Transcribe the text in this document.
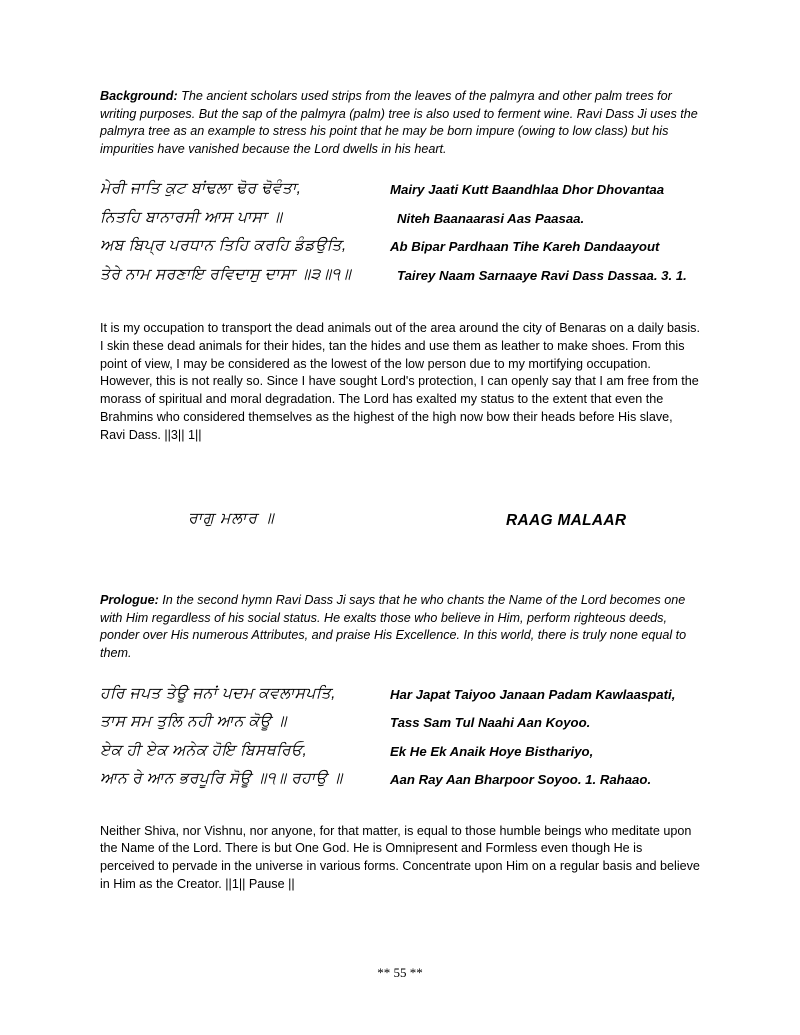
Background: The ancient scholars used strips from the leaves of the palmyra and other palm trees for writing purposes. But the sap of the palmyra (palm) tree is also used to ferment wine. Ravi Dass Ji uses the palmyra tree as an example to stress his point that he may be born impure (owing to low class) but his impurities have vanished because the Lord dwells in his heart.

ਮੇਰੀ ਜਾਤਿ ਕੁਟ ਬਾਂਢਲਾ ਢੋਰ ਢੋਵੰਤਾ,	Mairy Jaati Kutt Baandhlaa Dhor Dhovantaa
ਨਿਤਹਿ ਬਾਨਾਰਸੀ ਆਸ ਪਾਸਾ ॥	Niteh Baanaarasi Aas Paasaa.
ਅਬ ਬਿਪ੍ਰ ਪਰਧਾਨ ਤਿਹਿ ਕਰਹਿ ਡੰਡਉਤਿ,	Ab Bipar Pardhaan Tihe Kareh Dandaayout
ਤੇਰੇ ਨਾਮ ਸਰਣਾਇ ਰਵਿਦਾਸੁ ਦਾਸਾ ॥੩॥੧॥	Tairey Naam Sarnaaye Ravi Dass Dassaa. 3. 1.

It is my occupation to transport the dead animals out of the area around the city of Benaras on a daily basis. I skin these dead animals for their hides, tan the hides and use them as leather to make shoes. From this point of view, I may be considered as the lowest of the low person due to my mortifying occupation. However, this is not really so. Since I have sought Lord's protection, I can openly say that I am free from the morass of spiritual and moral degradation. The Lord has exalted my status to the extent that even the Brahmins who considered themselves as the highest of the high now bow their heads before His slave, Ravi Dass. ||3|| 1||

ਰਾਗੁ ਮਲਾਰ ॥	RAAG MALAAR

Prologue: In the second hymn Ravi Dass Ji says that he who chants the Name of the Lord becomes one with Him regardless of his social status. He exalts those who believe in Him, perform righteous deeds, ponder over His numerous Attributes, and praise His Excellence. In this world, there is truly none equal to them.

ਹਰਿ ਜਪਤ ਤੇਊ ਜਨਾਂ ਪਦਮ ਕਵਲਾਸਪਤਿ,	Har Japat Taiyoo Janaan Padam Kawlaaspati,
ਤਾਸ ਸਮ ਤੁਲਿ ਨਹੀ ਆਨ ਕੋਊ ॥	Tass Sam Tul Naahi Aan Koyoo.
ਏਕ ਹੀ ਏਕ ਅਨੇਕ ਹੋਇ ਬਿਸਥਰਿਓ,	Ek He Ek Anaik Hoye Bisthariyo,
ਆਨ ਰੇ ਆਨ ਭਰਪੂਰਿ ਸੋਊ ॥੧॥ ਰਹਾਉ ॥	Aan Ray Aan Bharpoor Soyoo. 1. Rahaao.

Neither Shiva, nor Vishnu, nor anyone, for that matter, is equal to those humble beings who meditate upon the Name of the Lord. There is but One God. He is Omnipresent and Formless even though He is perceived to pervade in the universe in various forms. Concentrate upon Him on a regular basis and believe in Him as the Creator. ||1|| Pause ||

** 55 **
